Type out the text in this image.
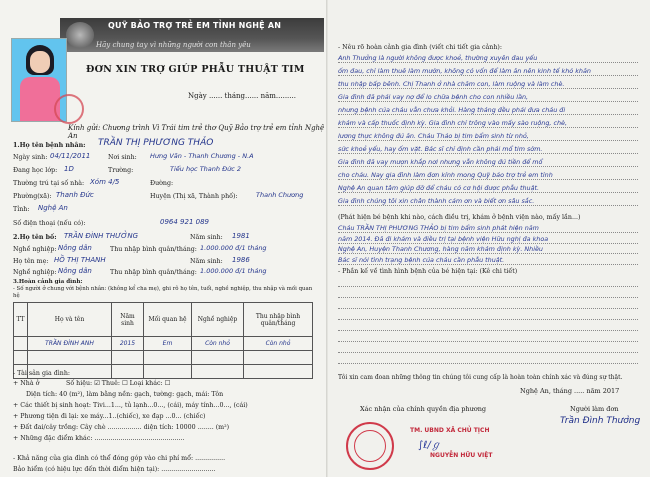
QUỸ BẢO TRỢ TRẺ EM TỈNH NGHỆ AN
Hãy chung tay vì những người con thân yêu
ĐƠN XIN TRỢ GIÚP PHẪU THUẬT TIM
Ngày ...... tháng...... năm.........
Kính gửi: Chương trình Vì Trái tim trẻ thơ Quỹ Bảo trợ trẻ em tỉnh Nghệ An
1.Họ tên bệnh nhân: TRẦN THỊ PHƯƠNG THẢO
Ngày sinh: 04/11/2011	Nơi sinh: Hưng Văn - Thanh Chương - N.A
Đang học lớp: 1D	Trường:	Tiểu học Thanh Đức 2
Thường trú tại số nhà: Xóm 4/5	Đường:
Phường(xã): Thanh Đức	Huyện (Thị xã, Thành phố):	Thanh Chương
Tỉnh: Nghệ An
Số điện thoại (nếu có):	0964 921 089
2.Họ tên bố: TRẦN ĐÌNH THƯỞNG	Năm sinh: 1981
Nghề nghiệp: Nông dân	Thu nhập bình quân/tháng: 1.000.000 đ/1 tháng
Họ tên mẹ: HỒ THỊ THANH	Năm sinh: 1986
Nghề nghiệp: Nông dân	Thu nhập bình quân/tháng: 1.000.000 đ/1 tháng
3.Hoàn cảnh gia đình:
- Số người ở chung với bệnh nhân: (không kể cha mẹ), ghi rõ họ tên, tuổi, nghề nghiệp, thu nhập và mối quan hệ
TT	Họ và tên	Năm sinh	Mối quan hệ	Nghề nghiệp	Thu nhập bình quân/tháng
	TRẦN ĐÌNH ANH	2015	Em	Còn nhỏ	Còn nhỏ

- Tài sản gia đình:
+ Nhà ở	Số hiệu: ☑ Thuê: ☐ Loại khác: ☐
Diện tích: 40 (m²), làm bằng nền: gạch, tường: gạch, mái: Tôn
+ Các thiết bị sinh hoạt: Tivi...1..., tủ lạnh...0..., (cái), máy tính...0..., (cái)
+ Phương tiện đi lại: xe máy...1..(chiếc), xe đạp ...0... (chiếc)
+ Đất đai/cây trồng: Cây chè ................. diện tích: 10000 ........ (m²)
+ Những đặc điểm khác: .............................................
- Khả năng của gia đình có thể đóng góp vào chi phí mổ: ...............
Bảo hiểm (có hiệu lực đến thời điểm hiện tại): ...........................
- Nêu rõ hoàn cảnh gia đình (viết chi tiết gia cảnh):
Anh Thưởng là người không được khoẻ, thường xuyên đau yếu
ốm đau, chỉ làm thuê làm mướn, không có vốn để làm ăn nên kinh tế khó khăn
thu nhập bấp bênh. Chị Thanh ở nhà chăm con, làm ruộng và làm chè.
Gia đình đã phải vay nợ để lo chữa bệnh cho con nhiều lần,
nhưng bệnh của cháu vẫn chưa khỏi. Hàng tháng đều phải đưa cháu đi
khám và cấp thuốc định kỳ. Gia đình chỉ trông vào mấy sào ruộng, chè,
lương thực không đủ ăn. Cháu Thảo bị tim bẩm sinh từ nhỏ,
sức khoẻ yếu, hay ốm vặt. Bác sĩ chỉ định cần phải mổ tim sớm.
Gia đình đã vay mượn khắp nơi nhưng vẫn không đủ tiền để mổ
cho cháu. Nay gia đình làm đơn kính mong Quỹ bảo trợ trẻ em tỉnh
Nghệ An quan tâm giúp đỡ để cháu có cơ hội được phẫu thuật.
Gia đình chúng tôi xin chân thành cảm ơn và biết ơn sâu sắc.
(Phát hiện bé bệnh khi nào, cách điều trị, khám ở bệnh viện nào, mấy lần...)
Cháu TRẦN THỊ PHƯƠNG THẢO bị tim bẩm sinh phát hiện năm
năm 2014. Đã đi khám và điều trị tại bệnh viện Hữu nghị đa khoa
Nghệ An, Huyện Thanh Chương, hàng năm khám định kỳ. Nhiều
Bác sĩ nói tình trạng bệnh của cháu cần phẫu thuật.
- Phần kế về tình hình bệnh của bé hiện tại: (Kê chi tiết)
Tôi xin cam đoan những thông tin chúng tôi cung cấp là hoàn toàn chính xác và đúng sự thật.
Nghệ An, tháng ..... năm 2017
Xác nhận của chính quyền địa phương	Người làm đơn
Trần Đình Thưởng
TM. UBND XÃ CHỦ TỊCH
∫ℓ∕ℊ
NGUYỄN HỮU VIỆT
